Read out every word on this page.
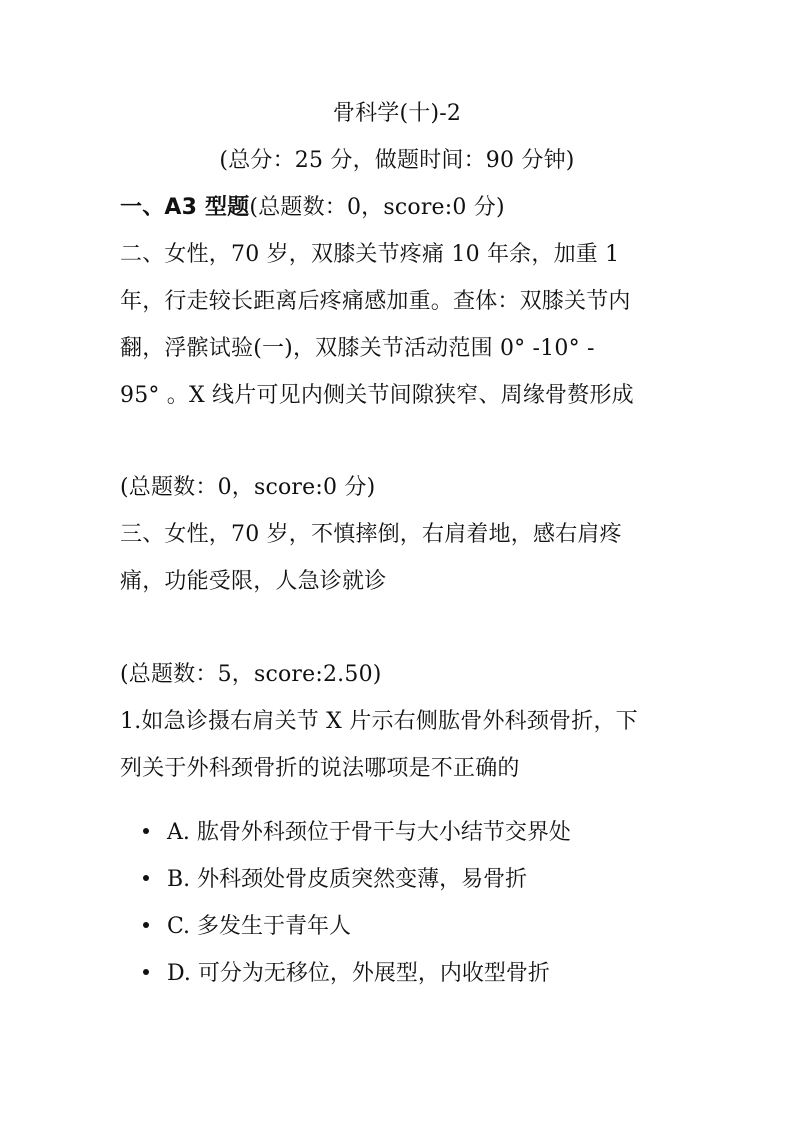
骨科学(十)-2
(总分：25 分，做题时间：90 分钟)
一、A3 型题(总题数：0，score:0 分)
二、女性，70 岁，双膝关节疼痛 10 年余，加重 1
年，行走较长距离后疼痛感加重。查体：双膝关节内
翻，浮髌试验(一)，双膝关节活动范围 0° -10° -
95° 。X 线片可见内侧关节间隙狭窄、周缘骨赘形成
(总题数：0，score:0 分)
三、女性，70 岁，不慎摔倒，右肩着地，感右肩疼
痛，功能受限，人急诊就诊
(总题数：5，score:2.50)
1.如急诊摄右肩关节 X 片示右侧肱骨外科颈骨折，下
列关于外科颈骨折的说法哪项是不正确的
A. 肱骨外科颈位于骨干与大小结节交界处
B. 外科颈处骨皮质突然变薄，易骨折
C. 多发生于青年人
D. 可分为无移位，外展型，内收型骨折
